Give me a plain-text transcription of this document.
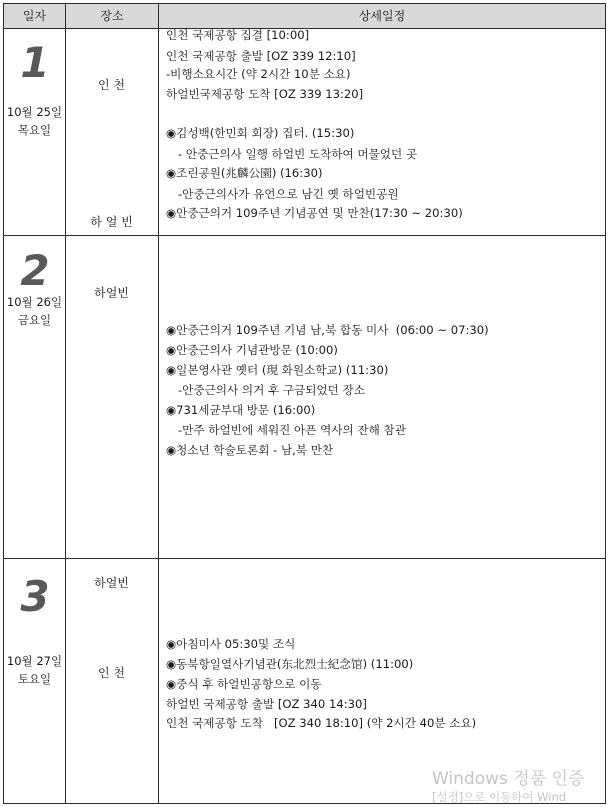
일자	장소	상세일정
1
10월 25일
목요일
인 천
하 얼 빈
인천 국제공항 집결 [10:00]
인천 국제공항 출발 [OZ 339 12:10]
-비행소요시간 (약 2시간 10분 소요)
하얼빈국제공항 도착 [OZ 339 13:20]
◉김성백(한민회 회장) 집터. (15:30)
- 안중근의사 일행 하얼빈 도착하여 머물었던 곳
◉조린공원(兆麟公園) (16:30)
-안중근의사가 유언으로 남긴 옛 하얼빈공원
◉안중근의거 109주년 기념공연 및 만찬(17:30 ~ 20:30)
2
10월 26일
금요일
하얼빈
◉안중근의거 109주년 기념 남,북 합동 미사  (06:00 ~ 07:30)
◉안중근의사 기념관방문 (10:00)
◉일본영사관 옛터 (現 화원소학교) (11:30)
-안중근의사 의거 후 구금되었던 장소
◉731세균부대 방문 (16:00)
-만주 하얼빈에 세워진 아픈 역사의 잔해 참관
◉청소년 학술토론회 - 남,북 만찬
3
10월 27일
토요일
하얼빈
인 천
◉아침미사 05:30및 조식
◉동북항일열사기념관(东北烈士紀念馆) (11:00)
◉중식 후 하얼빈공항으로 이동
하얼빈 국제공항 출발 [OZ 340 14:30]
인천 국제공항 도착   [OZ 340 18:10] (약 2시간 40분 소요)
Windows 정품 인증
[설정]으로 이동하여 Wind
